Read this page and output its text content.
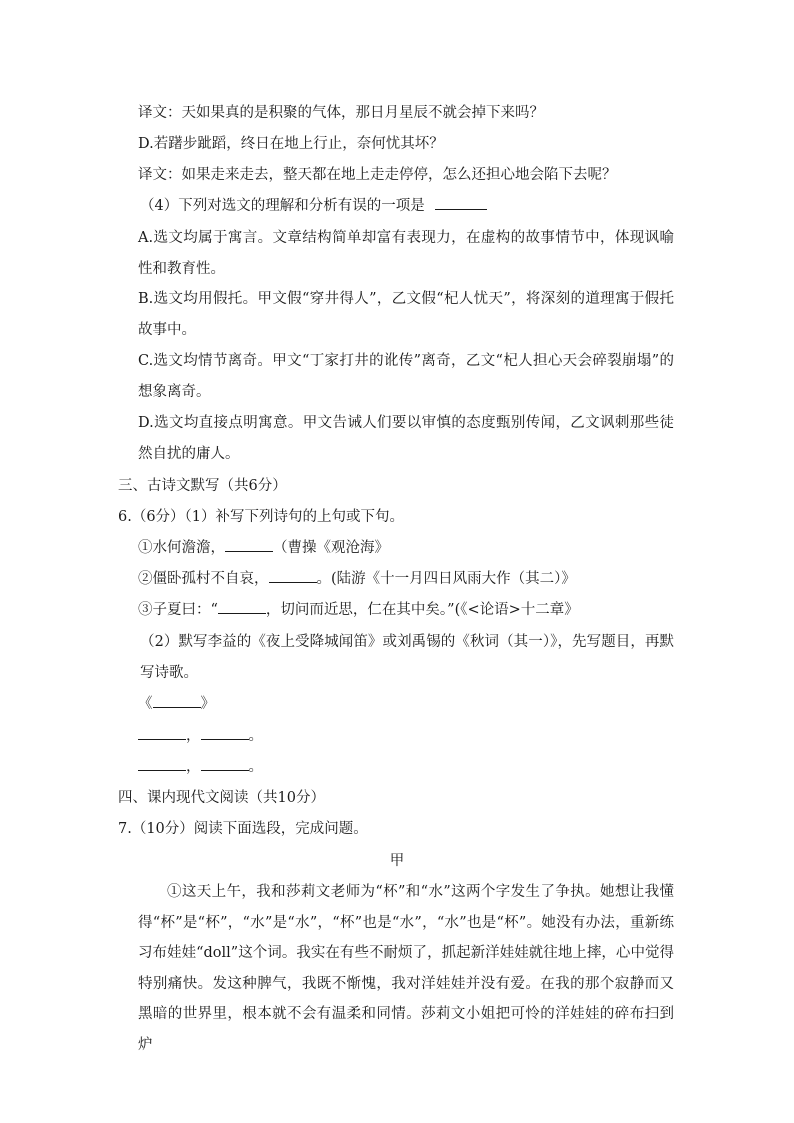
译文：天如果真的是积聚的气体，那日月星辰不就会掉下来吗？
D.若躇步跐蹈，终日在地上行止，奈何忧其坏？
译文：如果走来走去，整天都在地上走走停停，怎么还担心地会陷下去呢？
（4）下列对选文的理解和分析有误的一项是
A.选文均属于寓言。文章结构简单却富有表现力，在虚构的故事情节中，体现讽喻性和教育性。
B.选文均用假托。甲文假“穿井得人”，乙文假“杞人忧天”，将深刻的道理寓于假托故事中。
C.选文均情节离奇。甲文“丁家打井的讹传”离奇，乙文“杞人担心天会碎裂崩塌”的想象离奇。
D.选文均直接点明寓意。甲文告诫人们要以审慎的态度甄别传闻，乙文讽刺那些徒然自扰的庸人。
三、古诗文默写（共6分）
6.（6分）（1）补写下列诗句的上句或下句。
①水何澹澹，	（曹操《观沧海》
②僵卧孤村不自哀，	。(陆游《十一月四日风雨大作（其二）》
③子夏曰：“	，切问而近思，仁在其中矣。”(《<论语>十二章》
（2）默写李益的《夜上受降城闻笛》或刘禹锡的《秋词（其一）》，先写题目，再默写诗歌。
《	》
，	。
，	。
四、课内现代文阅读（共10分）
7.（10分）阅读下面选段，完成问题。
甲
①这天上午，我和莎莉文老师为“杯”和“水”这两个字发生了争执。她想让我懂得“杯”是“杯”，“水”是“水”，“杯”也是“水”，“水”也是“杯”。她没有办法，重新练习布娃娃“doll”这个词。我实在有些不耐烦了，抓起新洋娃娃就往地上摔，心中觉得特别痛快。发这种脾气，我既不惭愧，我对洋娃娃并没有爱。在我的那个寂静而又黑暗的世界里，根本就不会有温柔和同情。莎莉文小姐把可怜的洋娃娃的碎布扫到炉
